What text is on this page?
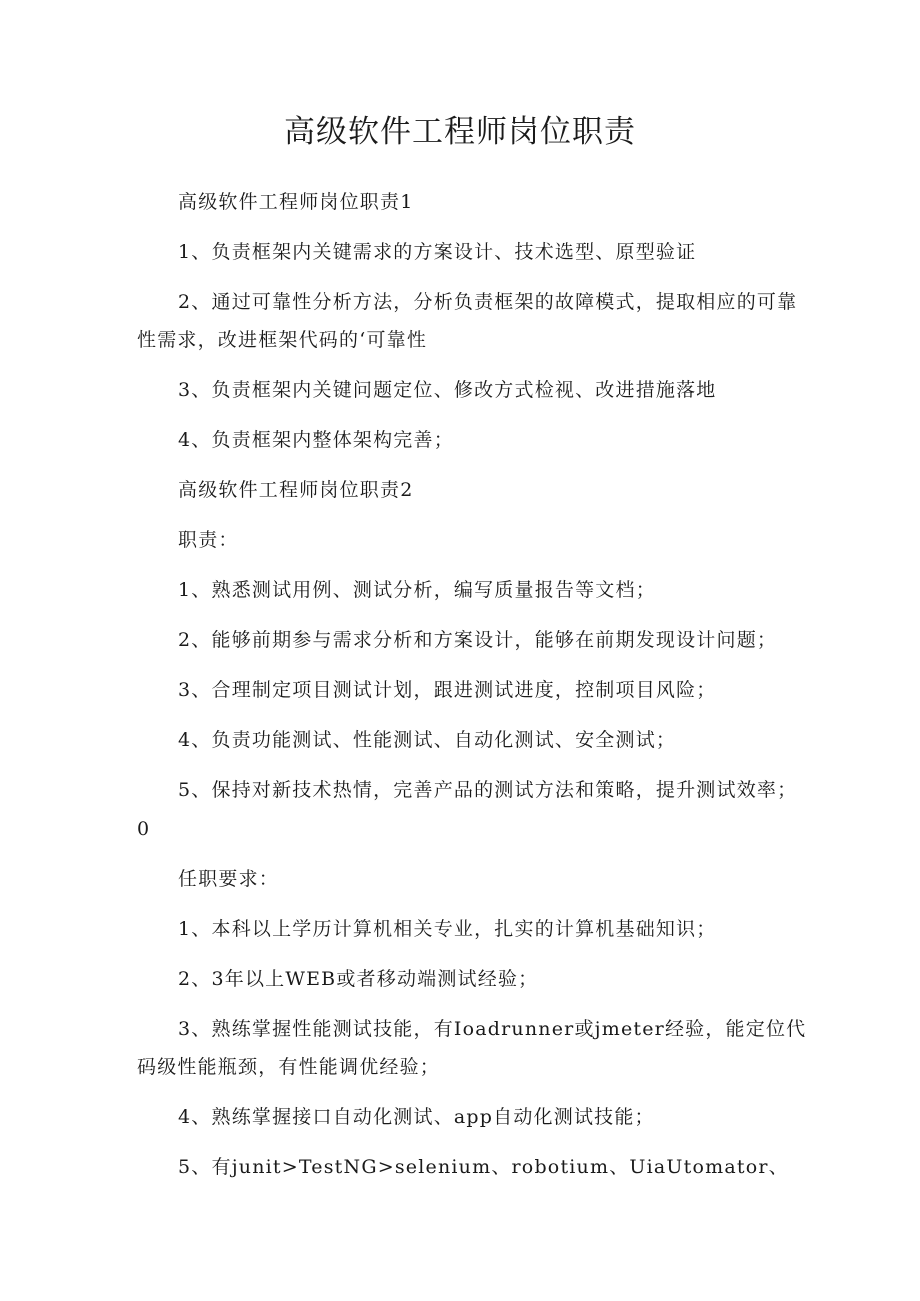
高级软件工程师岗位职责
高级软件工程师岗位职责1
1、负责框架内关键需求的方案设计、技术选型、原型验证
2、通过可靠性分析方法，分析负责框架的故障模式，提取相应的可靠
性需求，改进框架代码的‘可靠性
3、负责框架内关键问题定位、修改方式检视、改进措施落地
4、负责框架内整体架构完善；
高级软件工程师岗位职责2
职责：
1、熟悉测试用例、测试分析，编写质量报告等文档；
2、能够前期参与需求分析和方案设计，能够在前期发现设计问题；
3、合理制定项目测试计划，跟进测试进度，控制项目风险；
4、负责功能测试、性能测试、自动化测试、安全测试；
5、保持对新技术热情，完善产品的测试方法和策略，提升测试效率；
0
任职要求：
1、本科以上学历计算机相关专业，扎实的计算机基础知识；
2、3年以上WEB或者移动端测试经验；
3、熟练掌握性能测试技能，有Ioadrunner或jmeter经验，能定位代
码级性能瓶颈，有性能调优经验；
4、熟练掌握接口自动化测试、app自动化测试技能；
5、有junit>TestNG>selenium、robotium、UiaUtomator、
